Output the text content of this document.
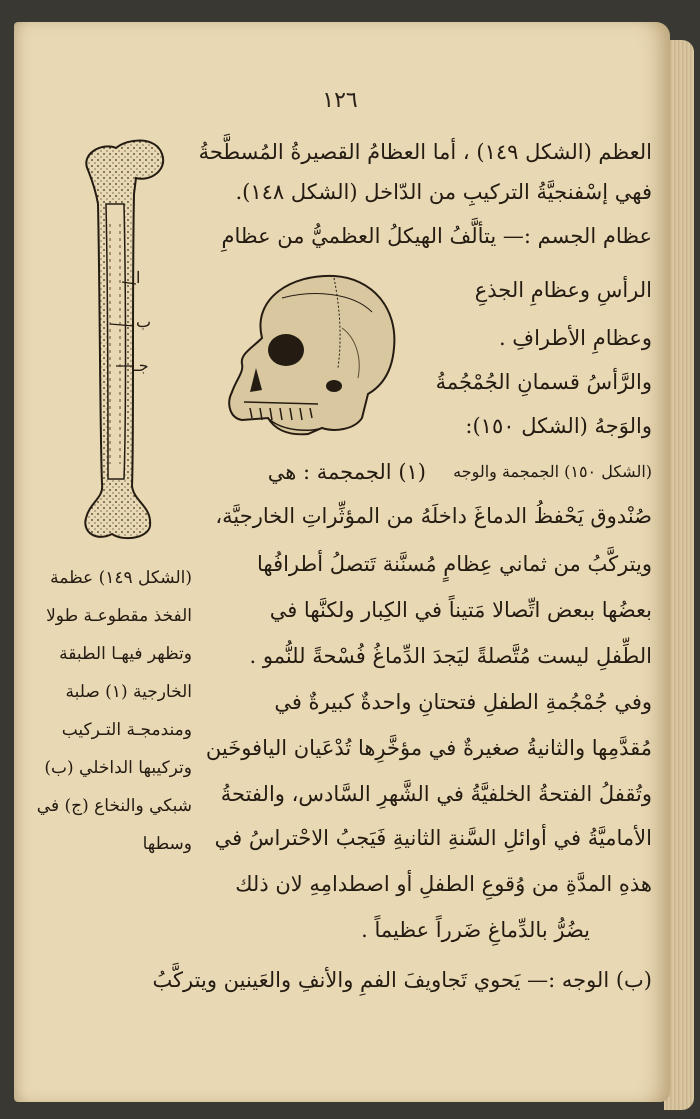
١٢٦
العظم (الشكل ١٤٩) ، أما العظامُ القصيرةُ المُسطَّحةُ
فهي إسْفنجيَّةُ التركيبِ من الدّاخل (الشكل ١٤٨).
عظام الجسم :— يتألَّفُ الهيكلُ العظميُّ من عظامِ
الرأسِ وعظامِ الجذعِ
وعظامِ الأطرافِ .
والرَّأسُ قسمانِ الجُمْجُمةُ
والوَجهُ (الشكل ١٥٠):
(١) الجمجمة : هي (الشكل ١٥٠) الجمجمة والوجه
صُنْدوق يَحْفظُ الدماغَ داخلَهُ من المؤثِّراتِ الخارجيَّة،
ويتركَّبُ من ثماني عِظامٍ مُسنَّنة تَتصلُ أطرافُها
بعضُها ببعض اتِّصالا مَتيناً في الكِبار ولكنَّها في
الطِّفلِ ليست مُتَّصلةً ليَجدَ الدِّماغُ فُسْحةً للنُّمو .
وفي جُمْجُمةِ الطفلِ فتحتانِ واحدةٌ كبيرةٌ في
مُقدَّمِها والثانيةُ صغيرةٌ في مؤخَّرِها تُدْعَيان اليافوخَين
وتُقفلُ الفتحةُ الخلفيَّةُ في الشَّهرِ السَّادس، والفتحةُ
الأماميَّةُ في أوائلِ السَّنةِ الثانيةِ فَيَجبُ الاحْتراسُ في
هذهِ المدَّةِ من وُقوعِ الطفلِ أو اصطدامِهِ لان ذلك
يضُرُّ بالدِّماغِ ضَرراً عظيماً .
(ب) الوجه :— يَحوي تَجاويفَ الفمِ والأنفِ والعَينين ويتركَّبُ
ا
ب
جـ
(الشكل ١٤٩) عظمة
الفخذ مقطوعـة طولا
وتظهر فيهـا الطبقة
الخارجية (١) صلبة
ومندمجـة التـركيب
وتركيبها الداخلي (ب)
شبكي والنخاع (ج) في
وسطها
